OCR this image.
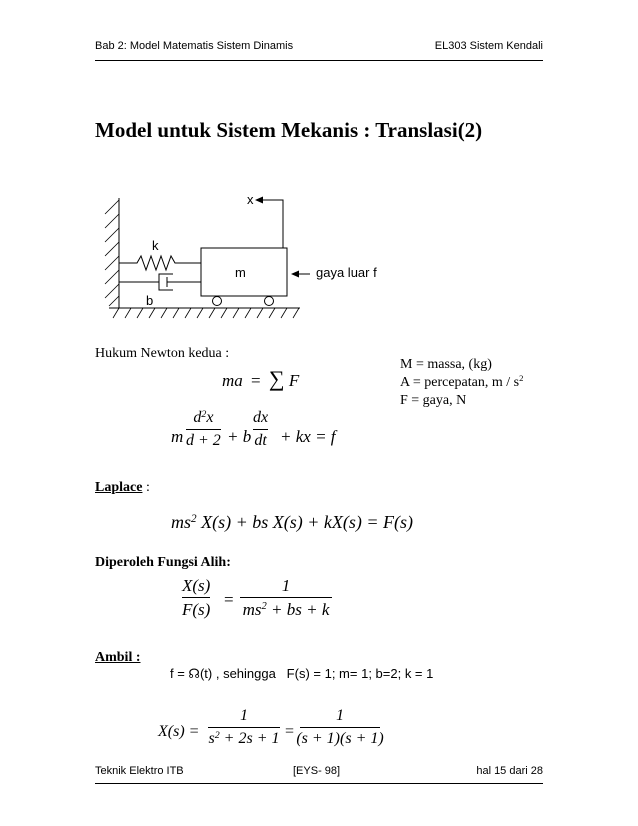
Bab 2: Model Matematis Sistem Dinamis	EL303 Sistem Kendali
Model untuk Sistem Mekanis : Translasi(2)
x
k
b
m	gaya luar f
Hukum Newton kedua :
ma = ∑ F
m
$d^2x$
d + 2 + b
dx
dt + kx = f
M = massa, (kg)
A = percepatan, m / $s^2$
F = gaya, N
Laplace :
$ms^2$ X(s) + bs X(s) + kX(s) = F(s)
Diperoleh Fungsi Alih:
X(s)
F(s)
=
1
$ms^2$ + bs + k
Ambil :
f = ☊(t) , sehingga   F(s) = 1; m= 1; b=2; k = 1
X(s) =
1
$s^2 + 2s + 1$ =
1
(s + 1)(s + 1)
Teknik Elektro ITB	[EYS- 98]	hal 15 dari 28
